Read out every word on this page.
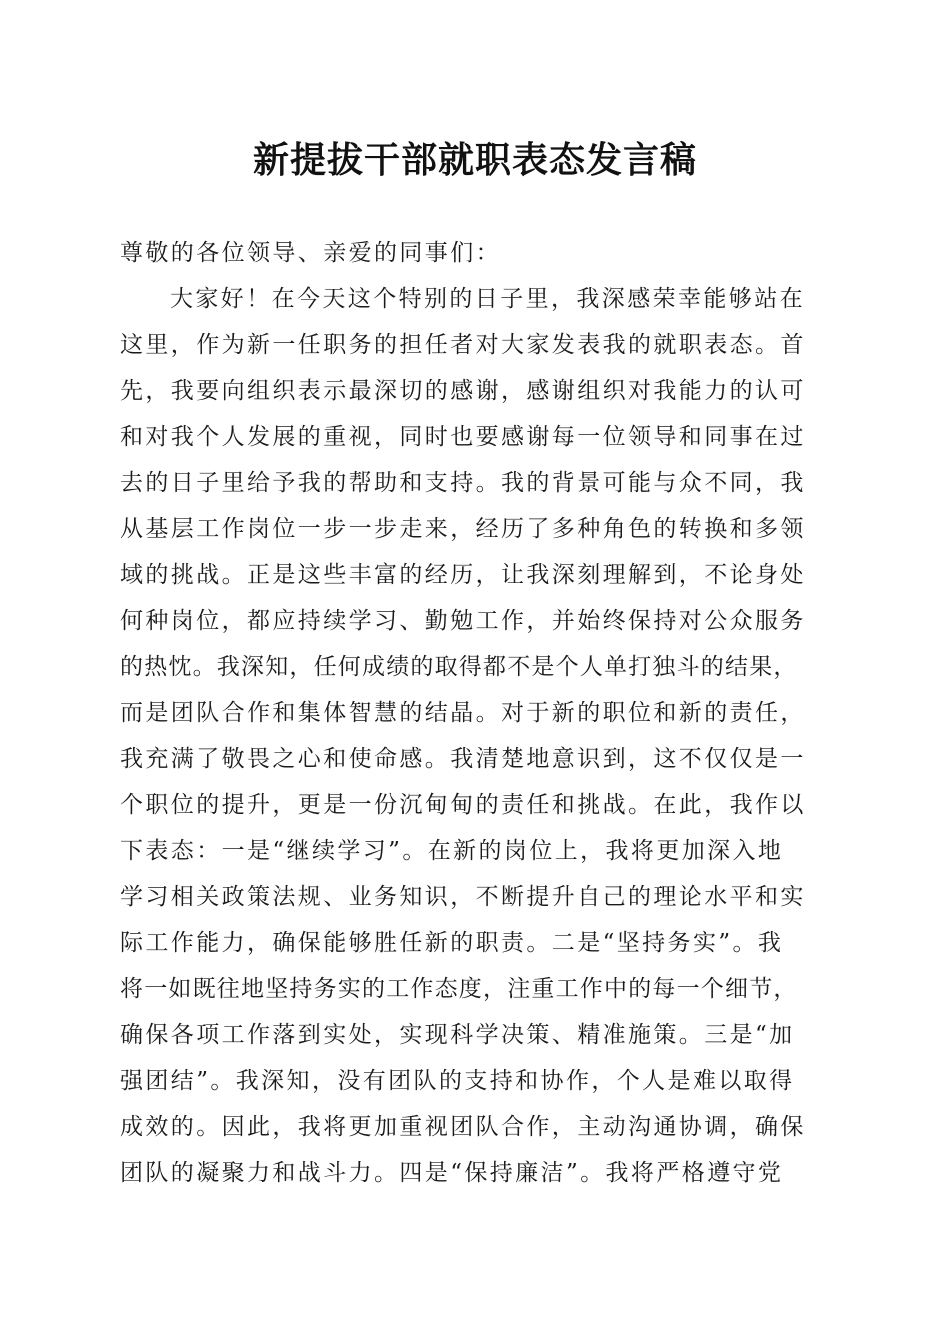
新提拔干部就职表态发言稿
尊敬的各位领导、亲爱的同事们：
大家好！在今天这个特别的日子里，我深感荣幸能够站在
这里，作为新一任职务的担任者对大家发表我的就职表态。首
先，我要向组织表示最深切的感谢，感谢组织对我能力的认可
和对我个人发展的重视，同时也要感谢每一位领导和同事在过
去的日子里给予我的帮助和支持。我的背景可能与众不同，我
从基层工作岗位一步一步走来，经历了多种角色的转换和多领
域的挑战。正是这些丰富的经历，让我深刻理解到，不论身处
何种岗位，都应持续学习、勤勉工作，并始终保持对公众服务
的热忱。我深知，任何成绩的取得都不是个人单打独斗的结果，
而是团队合作和集体智慧的结晶。对于新的职位和新的责任，
我充满了敬畏之心和使命感。我清楚地意识到，这不仅仅是一
个职位的提升，更是一份沉甸甸的责任和挑战。在此，我作以
下表态：一是“继续学习”。在新的岗位上，我将更加深入地
学习相关政策法规、业务知识，不断提升自己的理论水平和实
际工作能力，确保能够胜任新的职责。二是“坚持务实”。我
将一如既往地坚持务实的工作态度，注重工作中的每一个细节，
确保各项工作落到实处，实现科学决策、精准施策。三是“加
强团结”。我深知，没有团队的支持和协作，个人是难以取得
成效的。因此，我将更加重视团队合作，主动沟通协调，确保
团队的凝聚力和战斗力。四是“保持廉洁”。我将严格遵守党
